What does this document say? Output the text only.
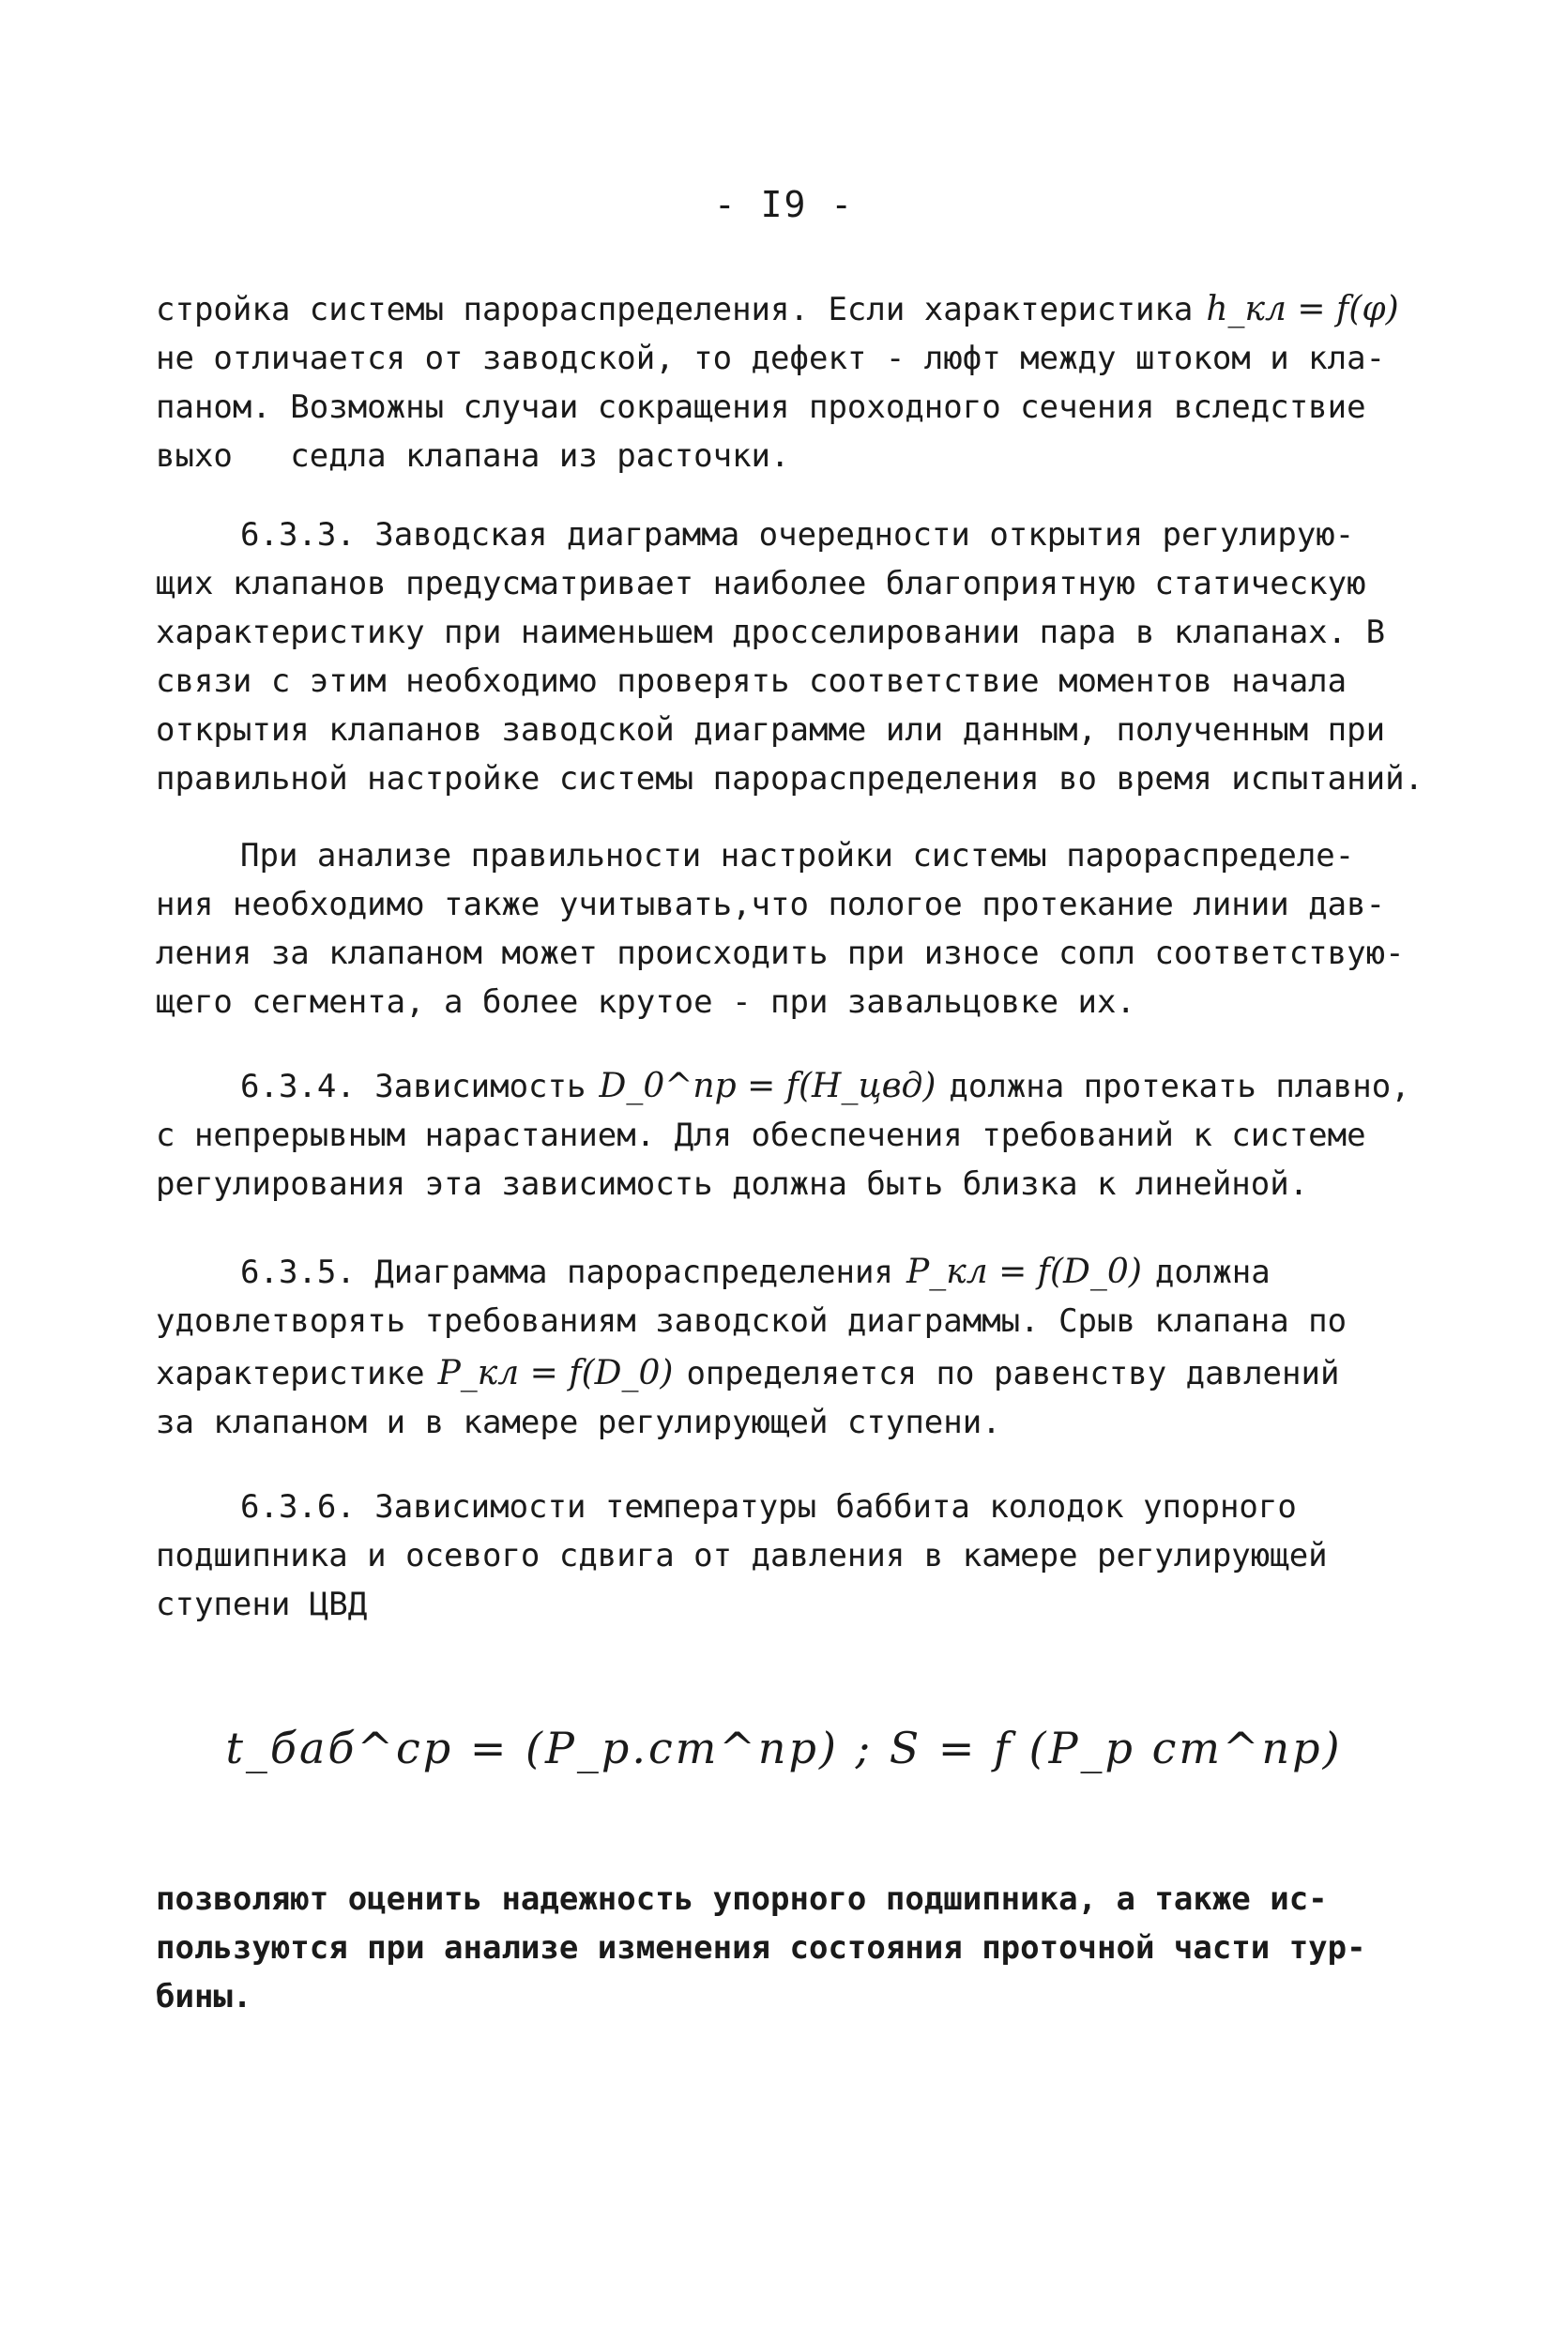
- I9 -
стройка системы парораспределения. Если характеристика h_кл = f(φ)
не отличается от заводской, то дефект - люфт между штоком и кла-
паном. Возможны случаи сокращения проходного сечения вследствие
выхо   седла клапана из расточки.
6.3.3. Заводская диаграмма очередности открытия регулирую-
щих клапанов предусматривает наиболее благоприятную статическую
характеристику при наименьшем дросселировании пара в клапанах. В
связи с этим необходимо проверять соответствие моментов начала
открытия клапанов заводской диаграмме или данным, полученным при
правильной настройке системы парораспределения во время испытаний.
При анализе правильности настройки системы парораспределе-
ния необходимо также учитывать,что пологое протекание линии дав-
ления за клапаном может происходить при износе сопл соответствую-
щего сегмента, а более крутое - при завальцовке их.
6.3.4. Зависимость D_0^пр = f(H_цвд) должна протекать плавно,
с непрерывным нарастанием. Для обеспечения требований к системе
регулирования эта зависимость должна быть близка к линейной.
6.3.5. Диаграмма парораспределения P_кл = f(D_0) должна
удовлетворять требованиям заводской диаграммы. Срыв клапана по
характеристике P_кл = f(D_0) определяется по равенству давлений
за клапаном и в камере регулирующей ступени.
6.3.6. Зависимости температуры баббита колодок упорного
подшипника и осевого сдвига от давления в камере регулирующей
ступени ЦВД
t_баб^ср = (P_р.ст^пр) ; S = f (P_р ст^пр)
позволяют оценить надежность упорного подшипника, а также ис-
пользуются при анализе изменения состояния проточной части тур-
бины.
